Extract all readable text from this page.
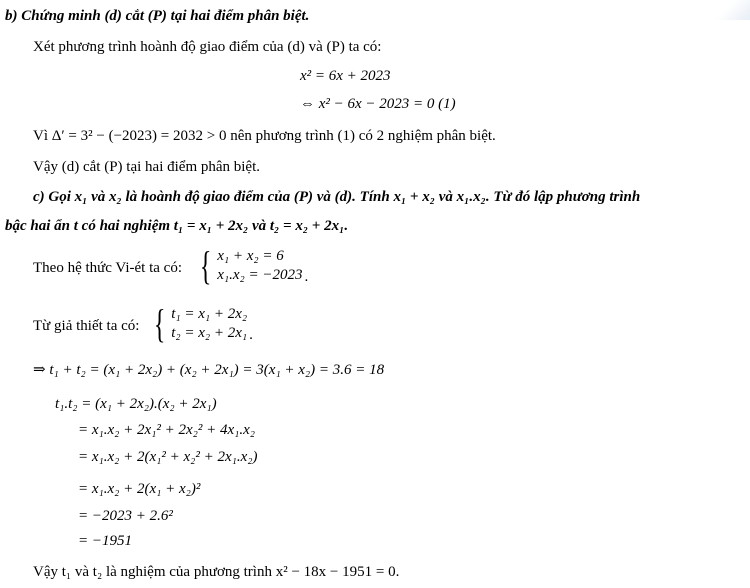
b) Chứng minh (d) cắt (P) tại hai điểm phân biệt.
Xét phương trình hoành độ giao điểm của (d) và (P) ta có:
x² = 6x + 2023
⇔ x² − 6x − 2023 = 0 (1)
Vì Δ′ = 3² − (−2023) = 2032 > 0 nên phương trình (1) có 2 nghiệm phân biệt.
Vậy (d) cắt (P) tại hai điểm phân biệt.
c) Gọi x₁ và x₂ là hoành độ giao điểm của (P) và (d). Tính x₁ + x₂ và x₁.x₂. Từ đó lập phương trình
bậc hai ẩn t có hai nghiệm t₁ = x₁ + 2x₂ và t₂ = x₂ + 2x₁.
Theo hệ thức Vi-ét ta có: { x₁ + x₂ = 6
x₁.x₂ = −2023 .
Từ giả thiết ta có: { t₁ = x₁ + 2x₂
t₂ = x₂ + 2x₁ .
⇒ t₁ + t₂ = (x₁ + 2x₂) + (x₂ + 2x₁) = 3(x₁ + x₂) = 3.6 = 18
t₁.t₂ = (x₁ + 2x₂).(x₂ + 2x₁)
= x₁.x₂ + 2x₁² + 2x₂² + 4x₁.x₂
= x₁.x₂ + 2(x₁² + x₂² + 2x₁.x₂)
= x₁.x₂ + 2(x₁ + x₂)²
= −2023 + 2.6²
= −1951
Vậy t₁ và t₂ là nghiệm của phương trình x² − 18x − 1951 = 0.
